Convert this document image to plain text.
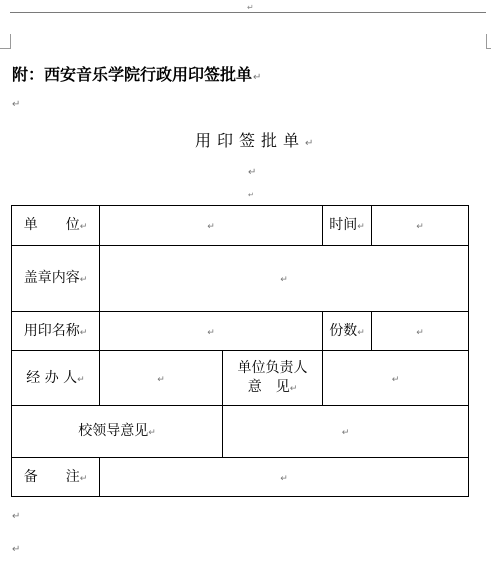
↵
附：西安音乐学院行政用印签批单↵
↵
用印签批单↵
↵
↵
单　　位↵	↵		时间↵	↵
盖章内容↵	↵			
用印名称↵	↵		份数↵	↵
经 办 人↵	↵	单位负责人
意　见↵	↵	
校领导意见↵		↵		
备　　注↵	↵			
↵
↵
